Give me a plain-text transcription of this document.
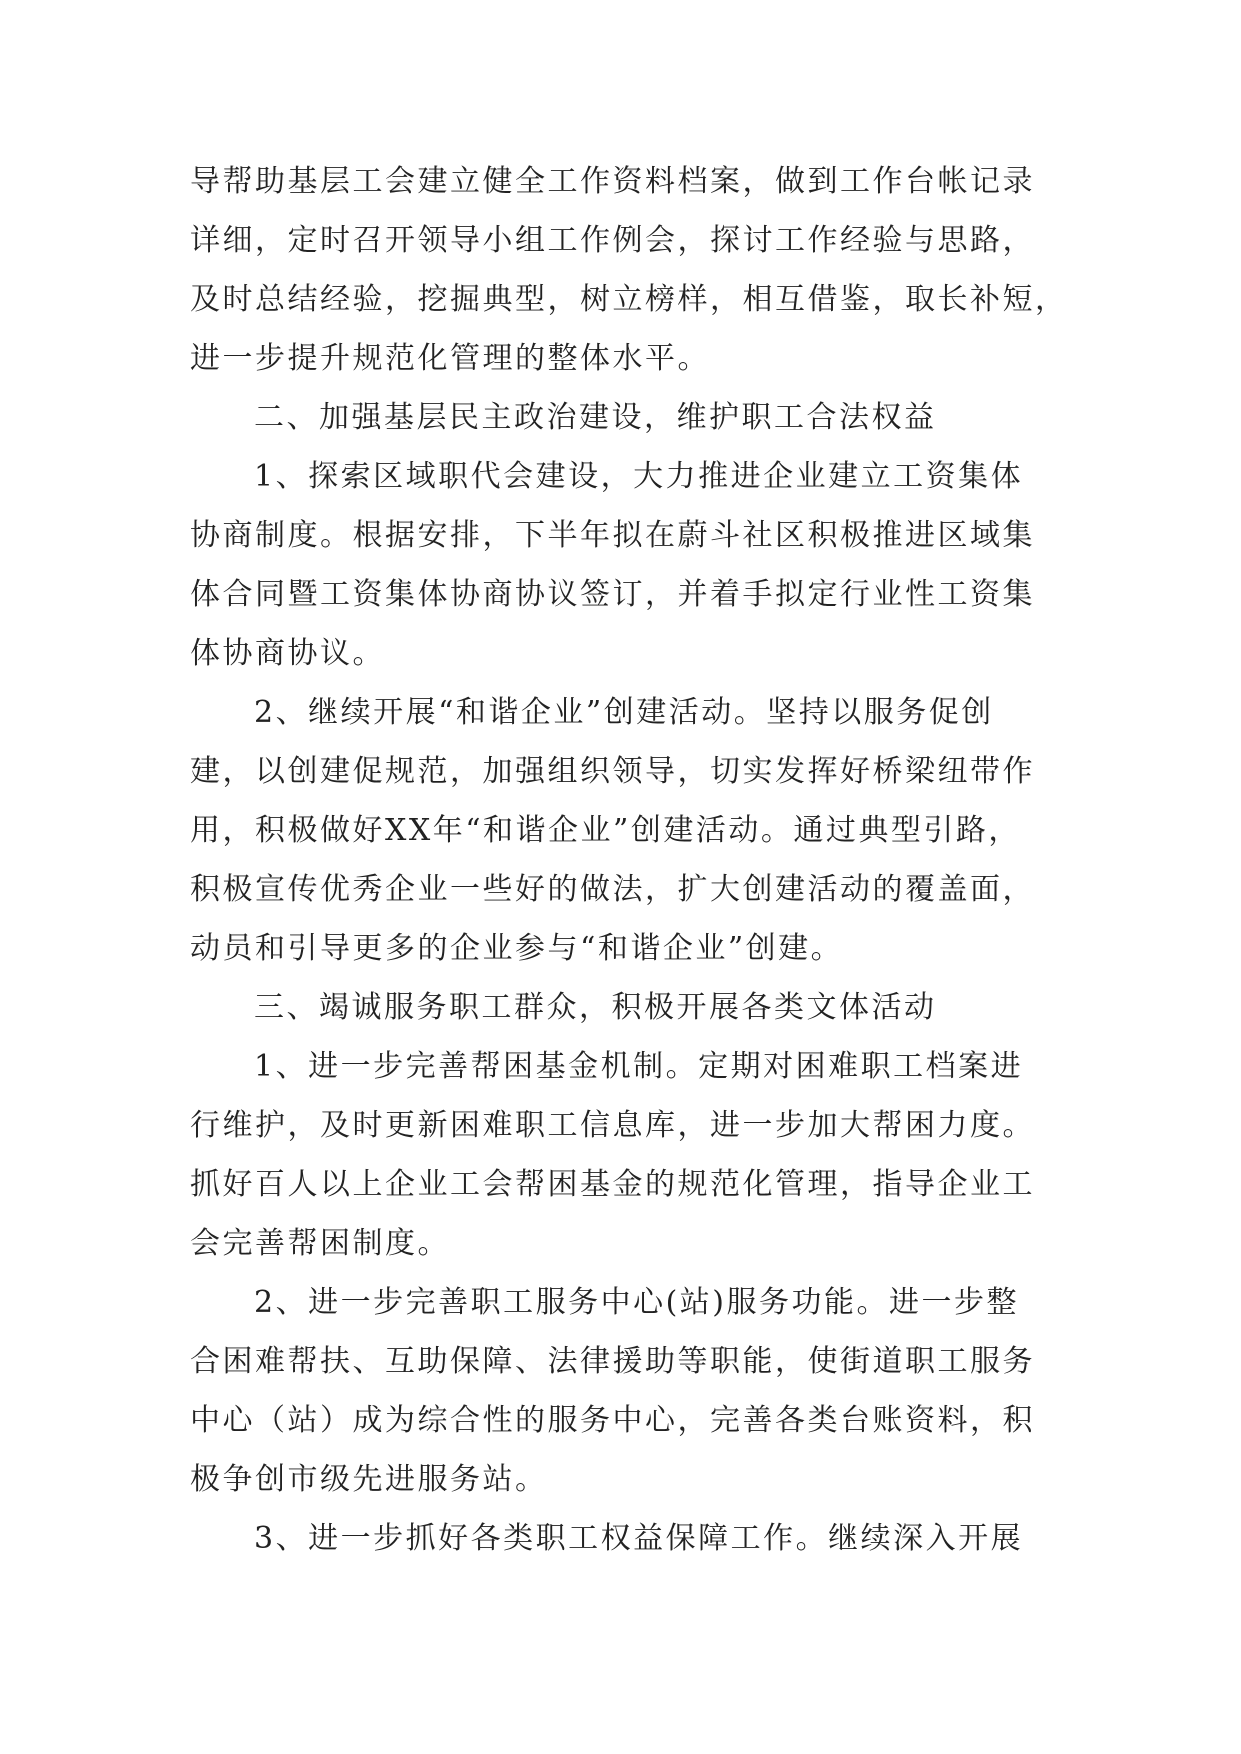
导帮助基层工会建立健全工作资料档案，做到工作台帐记录
详细，定时召开领导小组工作例会，探讨工作经验与思路，
及时总结经验，挖掘典型，树立榜样，相互借鉴，取长补短，
进一步提升规范化管理的整体水平。
二、加强基层民主政治建设，维护职工合法权益
1、探索区域职代会建设，大力推进企业建立工资集体
协商制度。根据安排，下半年拟在蔚斗社区积极推进区域集
体合同暨工资集体协商协议签订，并着手拟定行业性工资集
体协商协议。
2、继续开展“和谐企业”创建活动。坚持以服务促创
建，以创建促规范，加强组织领导，切实发挥好桥梁纽带作
用，积极做好XX年“和谐企业”创建活动。通过典型引路，
积极宣传优秀企业一些好的做法，扩大创建活动的覆盖面，
动员和引导更多的企业参与“和谐企业”创建。
三、竭诚服务职工群众，积极开展各类文体活动
1、进一步完善帮困基金机制。定期对困难职工档案进
行维护，及时更新困难职工信息库，进一步加大帮困力度。
抓好百人以上企业工会帮困基金的规范化管理，指导企业工
会完善帮困制度。
2、进一步完善职工服务中心(站)服务功能。进一步整
合困难帮扶、互助保障、法律援助等职能，使街道职工服务
中心（站）成为综合性的服务中心，完善各类台账资料，积
极争创市级先进服务站。
3、进一步抓好各类职工权益保障工作。继续深入开展
